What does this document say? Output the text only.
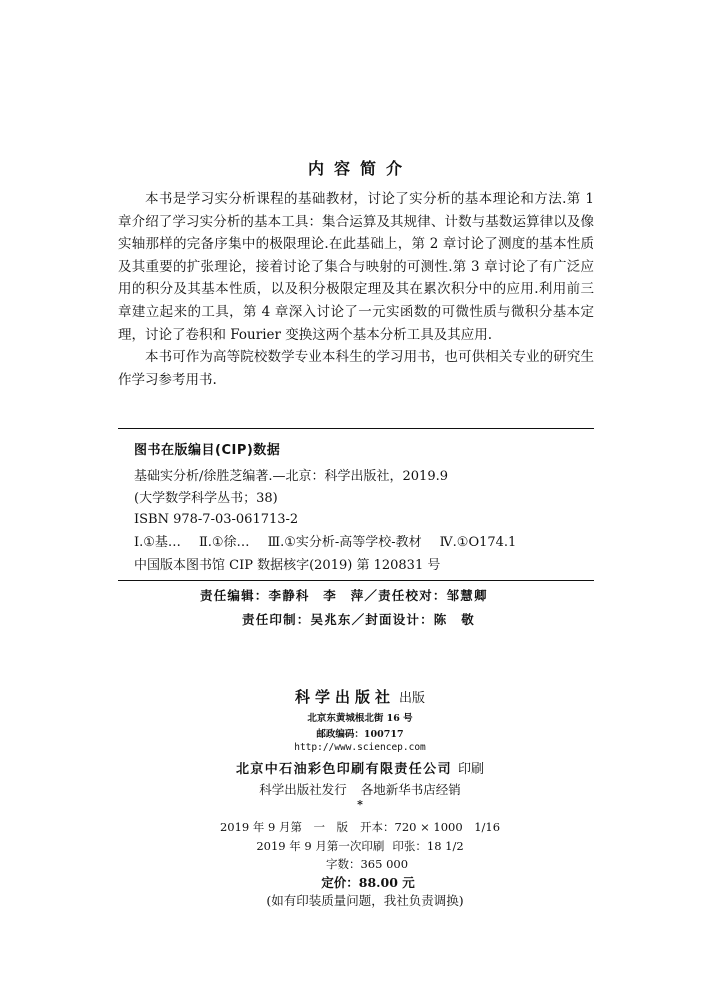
内容简介

本书是学习实分析课程的基础教材，讨论了实分析的基本理论和方法.第 1 章介绍了学习实分析的基本工具：集合运算及其规律、计数与基数运算律以及像实轴那样的完备序集中的极限理论.在此基础上，第 2 章讨论了测度的基本性质及其重要的扩张理论，接着讨论了集合与映射的可测性.第 3 章讨论了有广泛应用的积分及其基本性质，以及积分极限定理及其在累次积分中的应用.利用前三章建立起来的工具，第 4 章深入讨论了一元实函数的可微性质与微积分基本定理，讨论了卷积和 Fourier 变换这两个基本分析工具及其应用.

本书可作为高等院校数学专业本科生的学习用书，也可供相关专业的研究生作学习参考用书.

图书在版编目(CIP)数据
基础实分析/徐胜芝编著.—北京：科学出版社，2019.9
(大学数学科学丛书；38)
ISBN 978-7-03-061713-2
Ⅰ.①基… Ⅱ.①徐… Ⅲ.①实分析-高等学校-教材 Ⅳ.①O174.1
中国版本图书馆 CIP 数据核字(2019) 第 120831 号
责任编辑：李静科　李　萍／责任校对：邹慧卿
责任印制：吴兆东／封面设计：陈　敬
科学出版社 出版
北京东黄城根北街 16 号
邮政编码：100717
http://www.sciencep.com
北京中石油彩色印刷有限责任公司 印刷
科学出版社发行 各地新华书店经销
*
2019 年 9 月第　一　版 开本：720 × 1000　1/16
2019 年 9 月第一次印刷 印张：18 1/2
字数：365 000
定价：88.00 元
(如有印装质量问题，我社负责调换)
